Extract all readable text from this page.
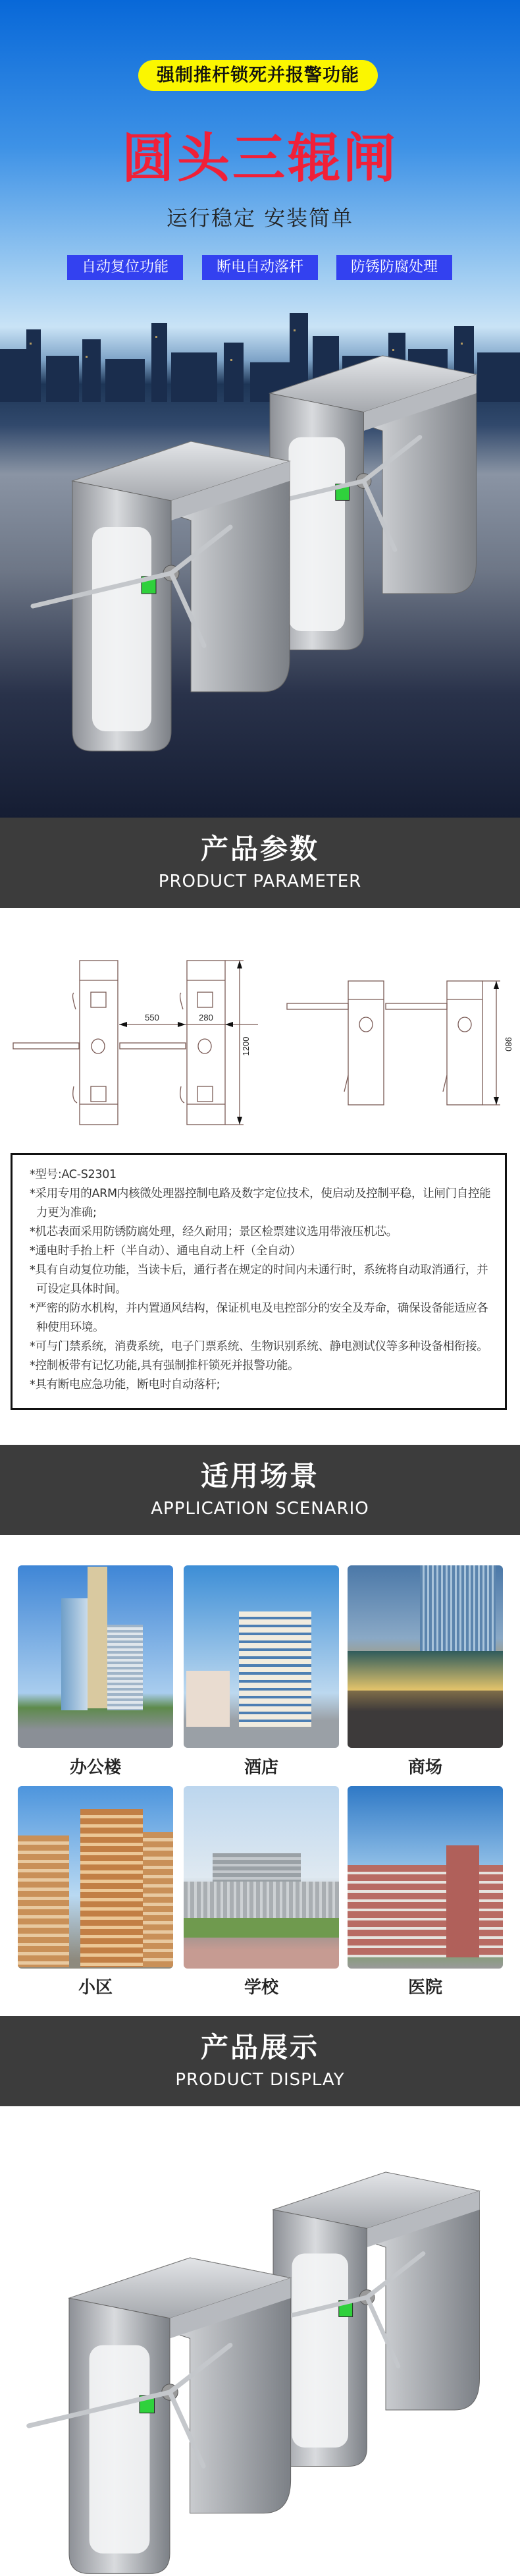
强制推杆锁死并报警功能
圆头三辊闸
运行稳定 安装简单
自动复位功能	断电自动落杆	防锈防腐处理
产品参数
PRODUCT PARAMETER
550	280
1200	980
*型号:AC-S2301
*采用专用的ARM内核微处理器控制电路及数字定位技术，使启动及控制平稳，让闸门自控能力更为准确;
*机芯表面采用防锈防腐处理，经久耐用；景区检票建议选用带液压机芯。
*通电时手抬上杆（半自动）、通电自动上杆（全自动）
*具有自动复位功能，当读卡后，通行者在规定的时间内未通行时，系统将自动取消通行，并可设定具体时间。
*严密的防水机构，并内置通风结构，保证机电及电控部分的安全及寿命，确保设备能适应各种使用环境。
*可与门禁系统，消费系统，电子门票系统、生物识别系统、静电测试仪等多种设备相衔接。
*控制板带有记忆功能,具有强制推杆锁死并报警功能。
*具有断电应急功能，断电时自动落杆;
适用场景
APPLICATION SCENARIO
办公楼	酒店	商场
小区	学校	医院
产品展示
PRODUCT DISPLAY
